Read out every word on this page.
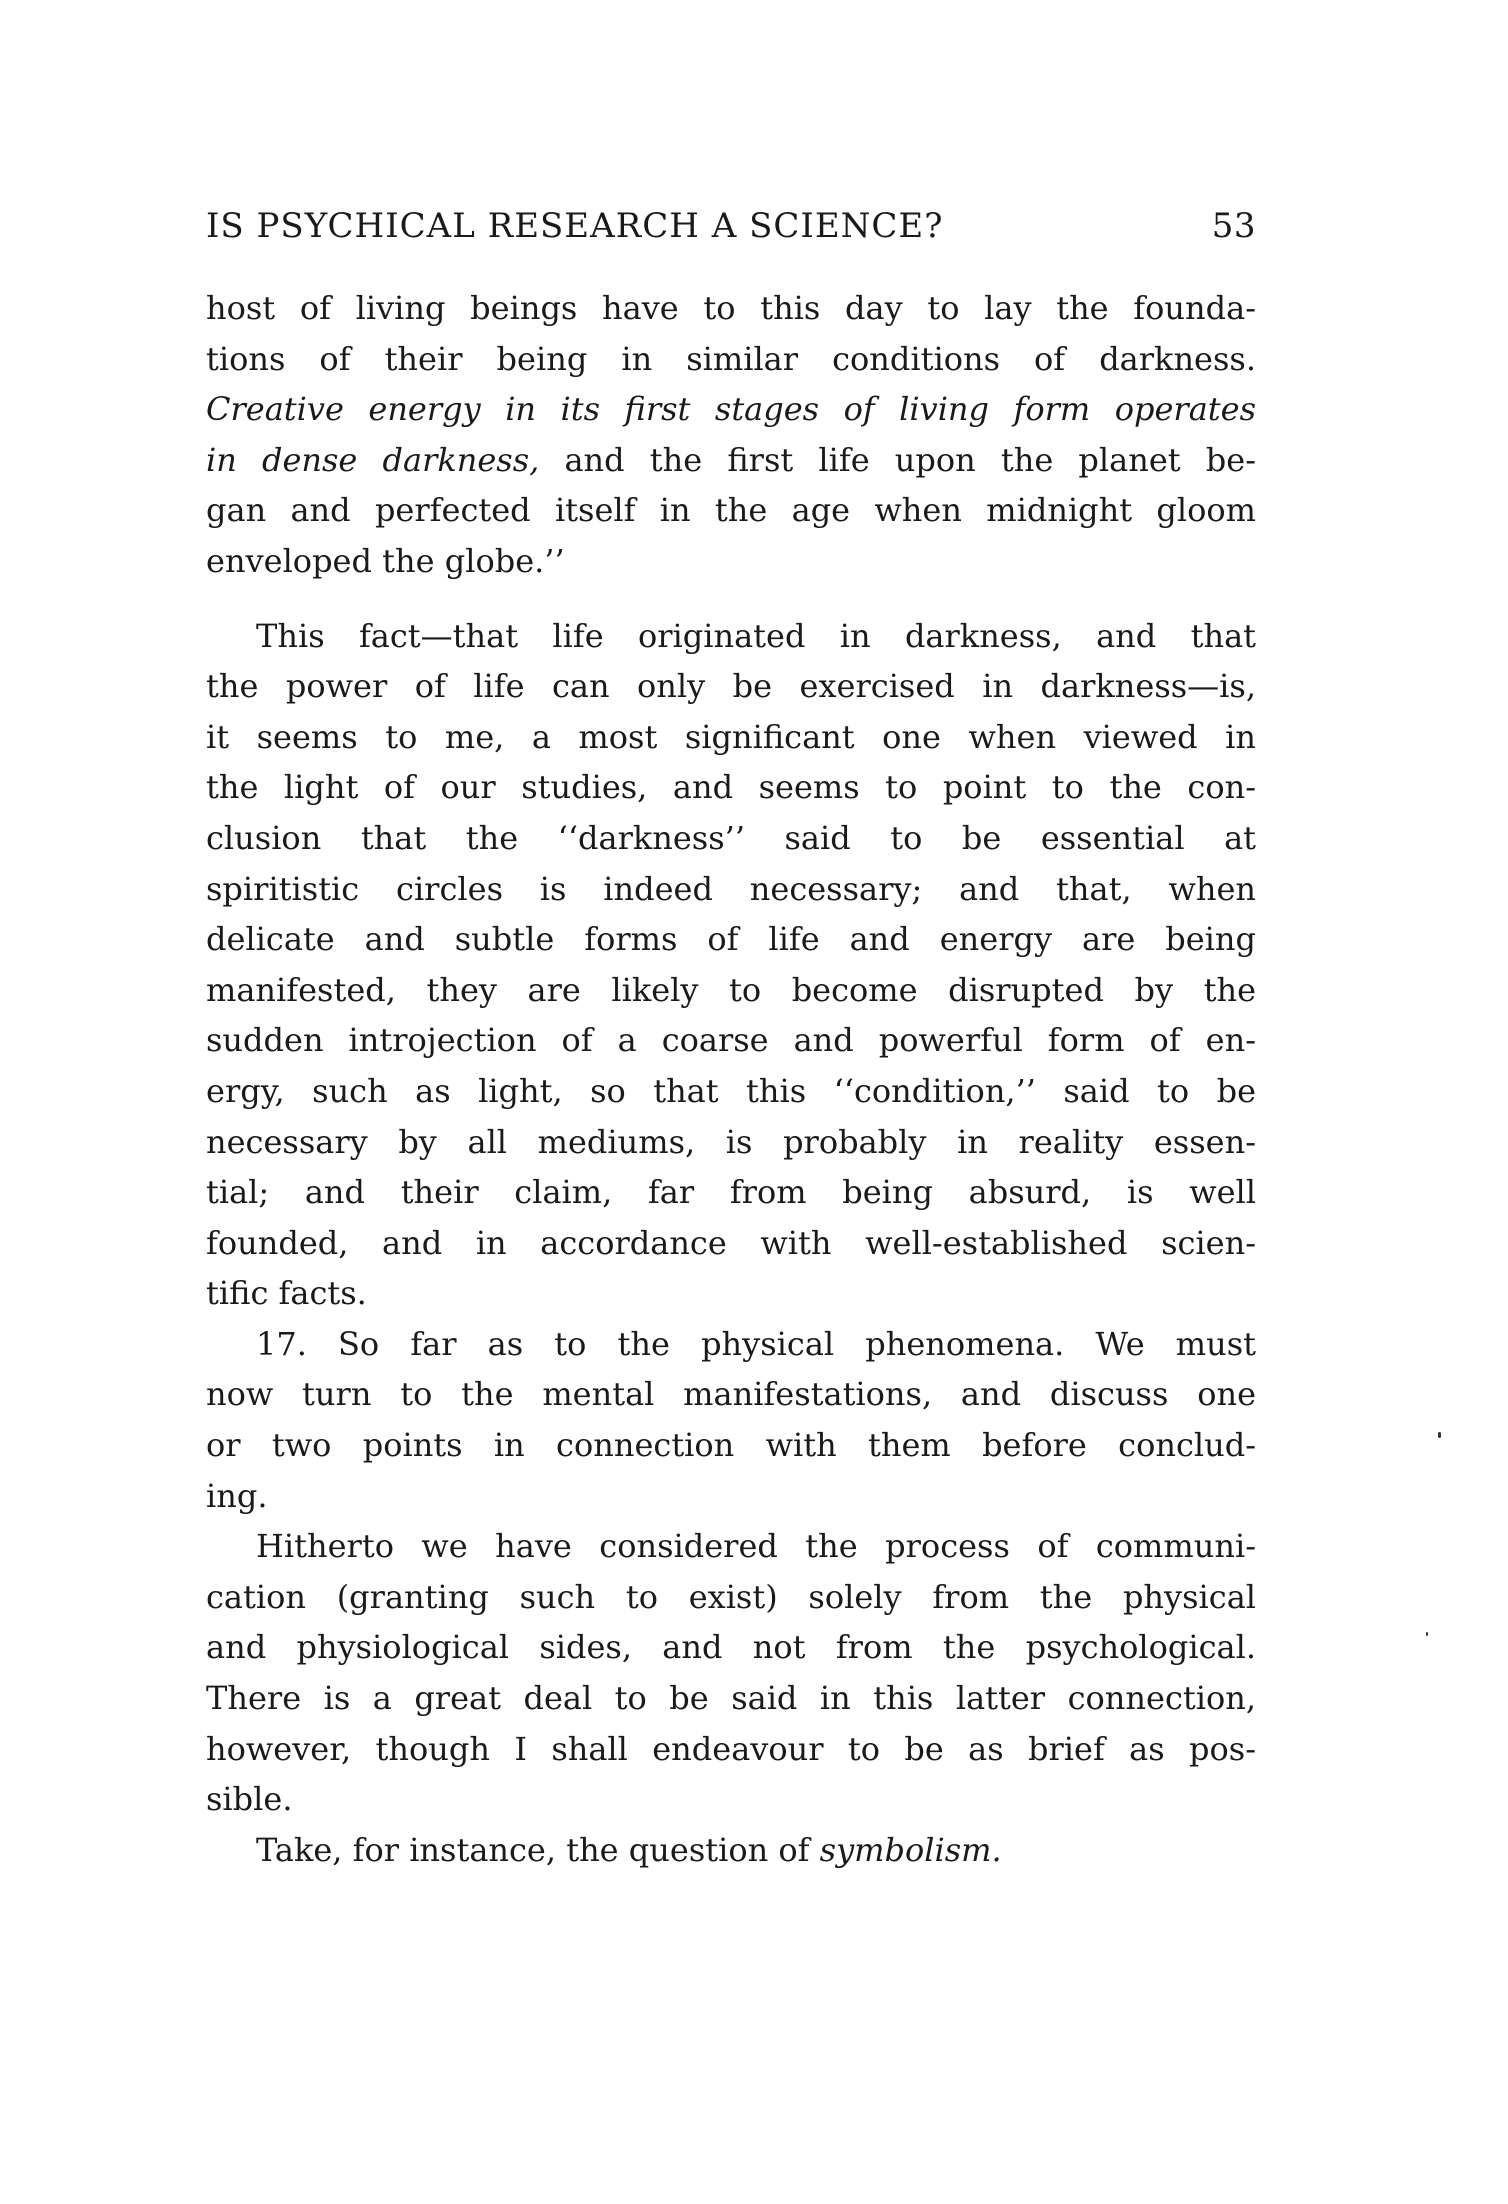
IS PSYCHICAL RESEARCH A SCIENCE?	53
host of living beings have to this day to lay the founda-
tions of their being in similar conditions of darkness.
Creative energy in its first stages of living form operates
in dense darkness, and the first life upon the planet be-
gan and perfected itself in the age when midnight gloom
enveloped the globe.’’
This fact—that life originated in darkness, and that
the power of life can only be exercised in darkness—is,
it seems to me, a most significant one when viewed in
the light of our studies, and seems to point to the con-
clusion that the ‘‘darkness’’ said to be essential at
spiritistic circles is indeed necessary; and that, when
delicate and subtle forms of life and energy are being
manifested, they are likely to become disrupted by the
sudden introjection of a coarse and powerful form of en-
ergy, such as light, so that this ‘‘condition,’’ said to be
necessary by all mediums, is probably in reality essen-
tial; and their claim, far from being absurd, is well
founded, and in accordance with well-established scien-
tific facts.
17. So far as to the physical phenomena. We must
now turn to the mental manifestations, and discuss one
or two points in connection with them before conclud-
ing.
Hitherto we have considered the process of communi-
cation (granting such to exist) solely from the physical
and physiological sides, and not from the psychological.
There is a great deal to be said in this latter connection,
however, though I shall endeavour to be as brief as pos-
sible.
Take, for instance, the question of symbolism.
